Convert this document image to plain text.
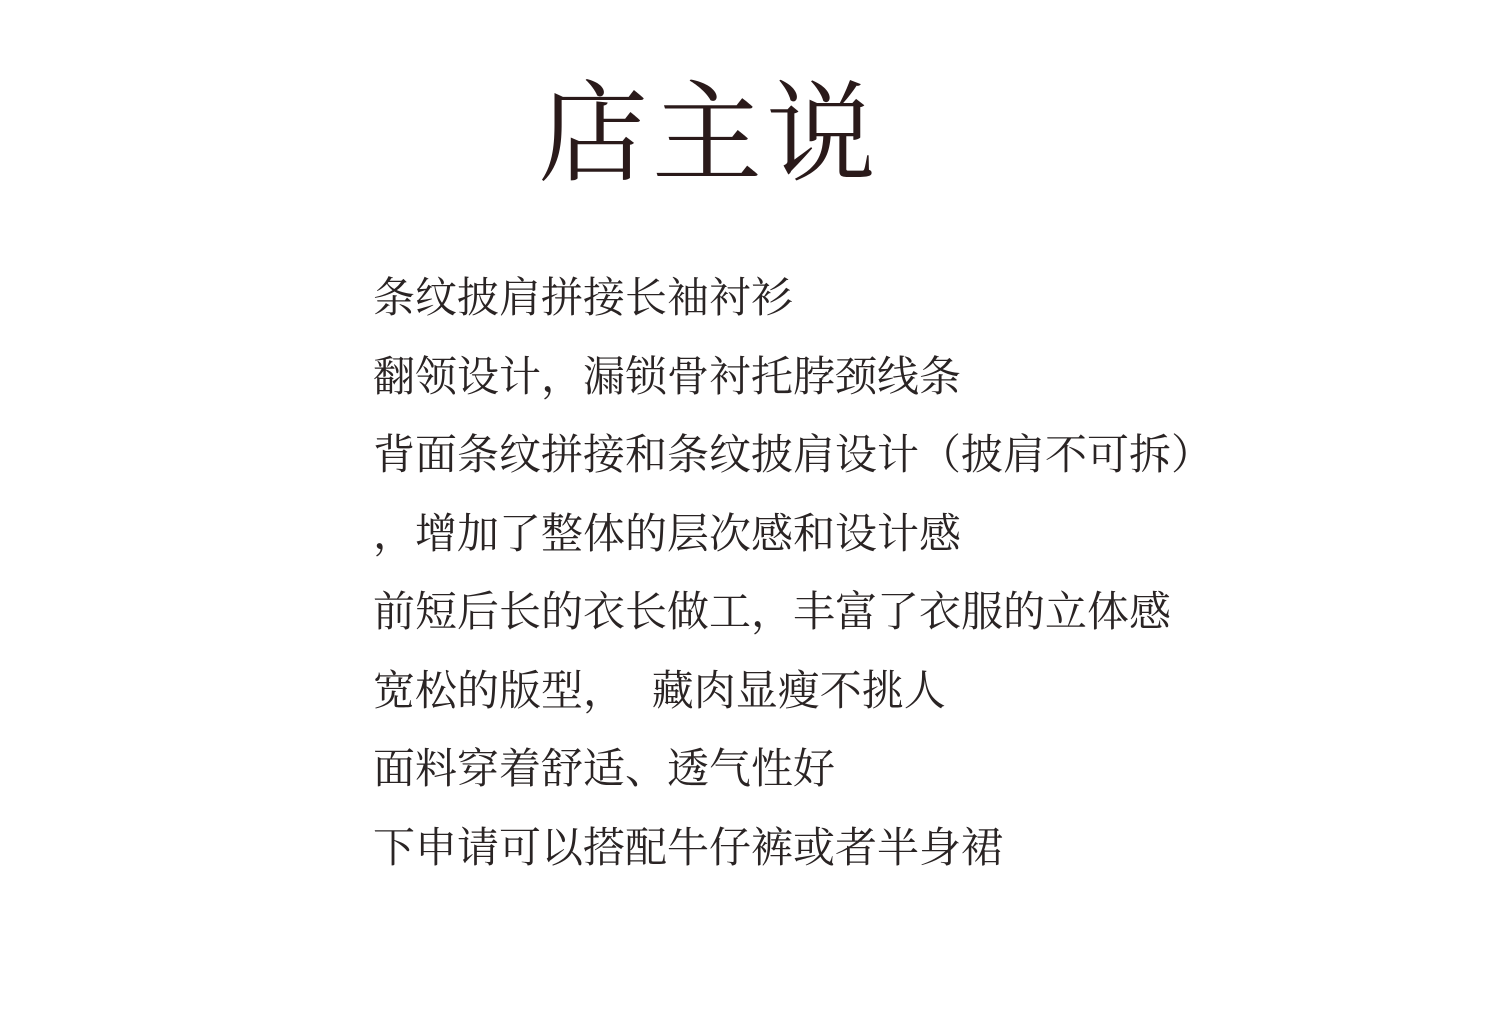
店主说
条纹披肩拼接长袖衬衫
翻领设计，漏锁骨衬托脖颈线条
背面条纹拼接和条纹披肩设计（披肩不可拆）
，增加了整体的层次感和设计感
前短后长的衣长做工，丰富了衣服的立体感
宽松的版型，  藏肉显瘦不挑人
面料穿着舒适、透气性好
下申请可以搭配牛仔裤或者半身裙
